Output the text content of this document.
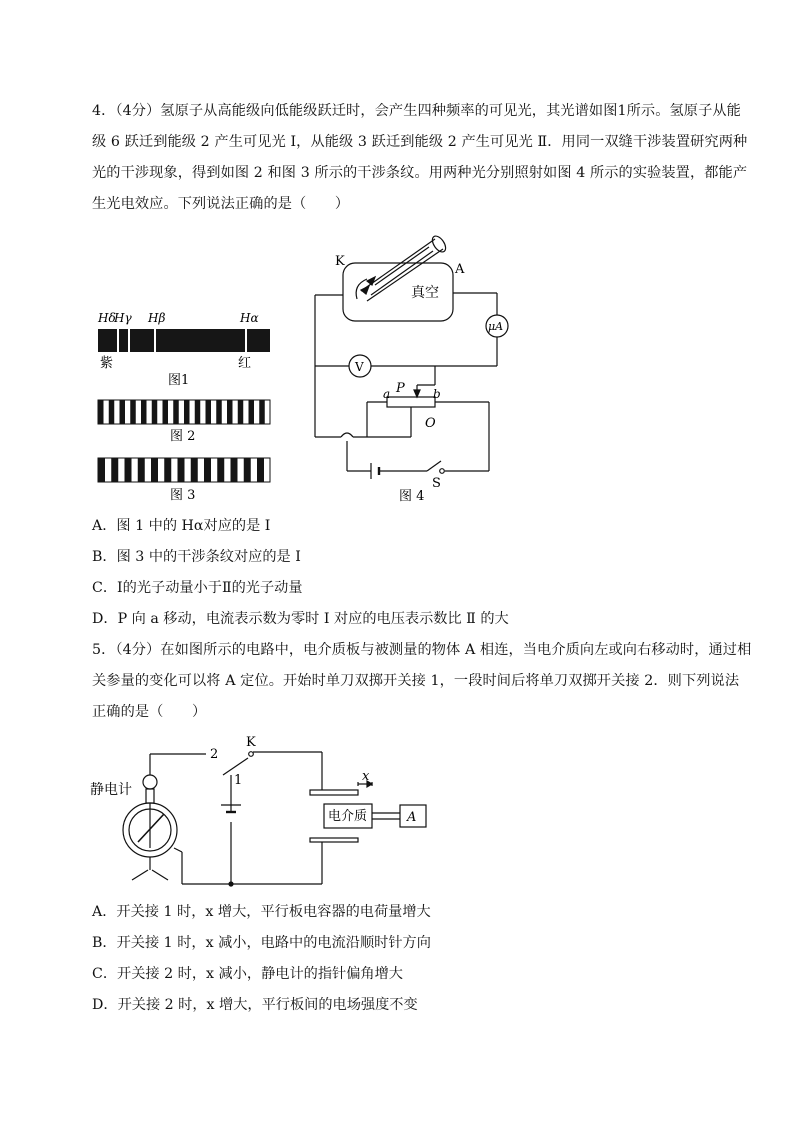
4．（4分）氢原子从高能级向低能级跃迁时，会产生四种频率的可见光，其光谱如图1所示。氢原子从能
级 6 跃迁到能级 2 产生可见光 Ⅰ，从能级 3 跃迁到能级 2 产生可见光 Ⅱ．用同一双缝干涉装置研究两种
光的干涉现象，得到如图 2 和图 3 所示的干涉条纹。用两种光分别照射如图 4 所示的实验装置，都能产
生光电效应。下列说法正确的是（　　）
Hδ
Hγ Hβ	Hα
紫	红
图1
图 2
图 3
K
A
真空
μA
V
P
a	b
O
S
图 4
A．图 1 中的 Hα对应的是 Ⅰ
B．图 3 中的干涉条纹对应的是 Ⅰ
C．Ⅰ的光子动量小于Ⅱ的光子动量
D．P 向 a 移动，电流表示数为零时 Ⅰ 对应的电压表示数比 Ⅱ 的大
5．（4分）在如图所示的电路中，电介质板与被测量的物体 A 相连，当电介质向左或向右移动时，通过相
关参量的变化可以将 A 定位。开始时单刀双掷开关接 1，一段时间后将单刀双掷开关接 2．则下列说法
正确的是（　　）
静电计
2
1
K
x
电介质	A
A．开关接 1 时，x 增大，平行板电容器的电荷量增大
B．开关接 1 时，x 减小，电路中的电流沿顺时针方向
C．开关接 2 时，x 减小，静电计的指针偏角增大
D．开关接 2 时，x 增大，平行板间的电场强度不变
